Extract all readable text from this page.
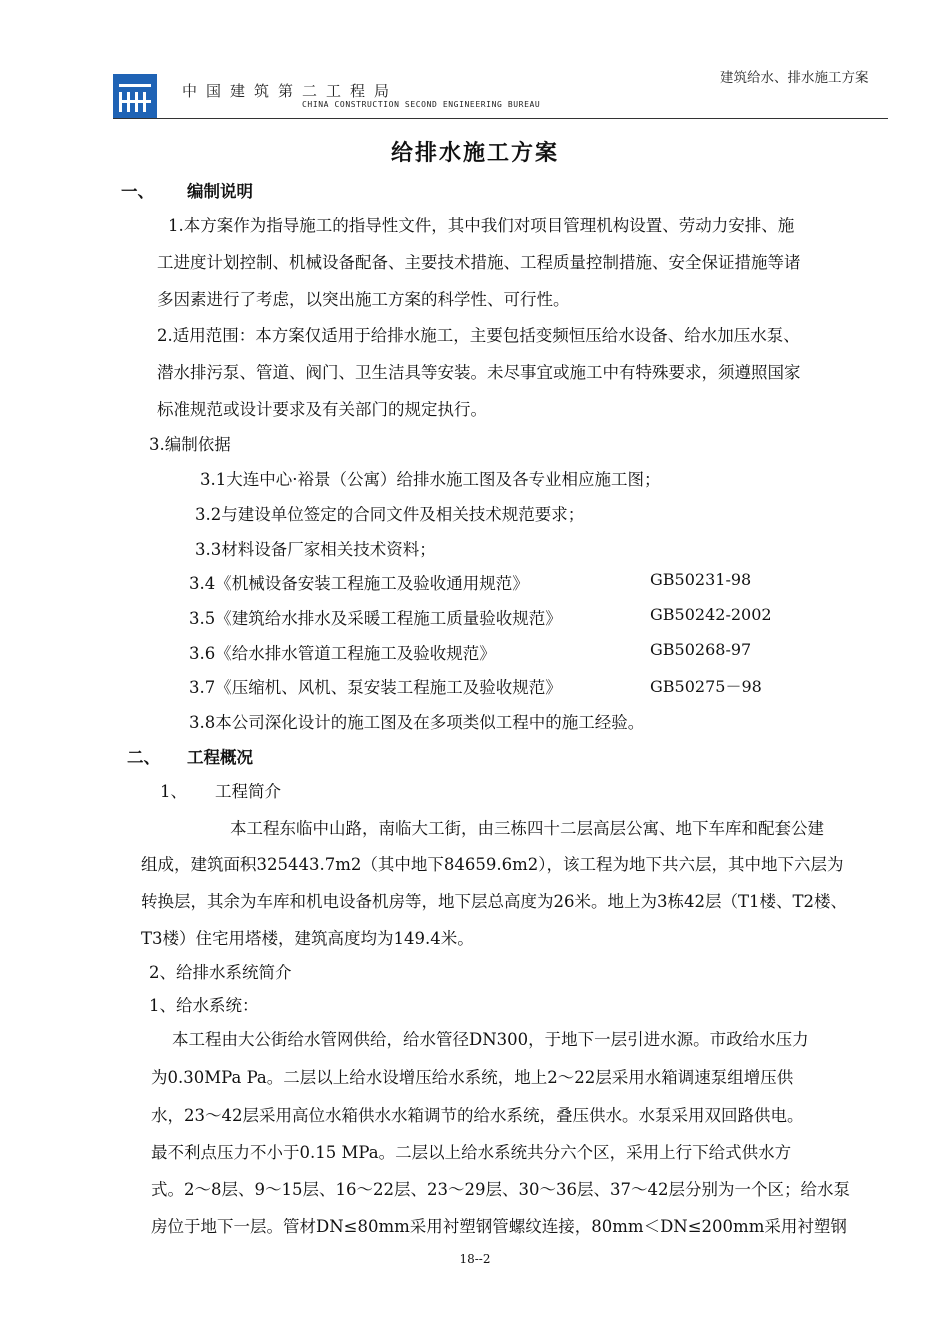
中国建筑第二工程局
CHINA CONSTRUCTION SECOND ENGINEERING BUREAU
建筑给水、排水施工方案
给排水施工方案
一、 编制说明
1.本方案作为指导施工的指导性文件，其中我们对项目管理机构设置、劳动力安排、施
工进度计划控制、机械设备配备、主要技术措施、工程质量控制措施、安全保证措施等诸
多因素进行了考虑，以突出施工方案的科学性、可行性。
2.适用范围：本方案仅适用于给排水施工，主要包括变频恒压给水设备、给水加压水泵、
潜水排污泵、管道、阀门、卫生洁具等安装。未尽事宜或施工中有特殊要求，须遵照国家
标准规范或设计要求及有关部门的规定执行。
3.编制依据
3.1大连中心·裕景（公寓）给排水施工图及各专业相应施工图；
3.2与建设单位签定的合同文件及相关技术规范要求；
3.3材料设备厂家相关技术资料；
3.4《机械设备安装工程施工及验收通用规范》	GB50231-98
3.5《建筑给水排水及采暖工程施工质量验收规范》	GB50242-2002
3.6《给水排水管道工程施工及验收规范》	GB50268-97
3.7《压缩机、风机、泵安装工程施工及验收规范》	GB50275－98
3.8本公司深化设计的施工图及在多项类似工程中的施工经验。
二、 工程概况
1、 工程简介
本工程东临中山路，南临大工街，由三栋四十二层高层公寓、地下车库和配套公建
组成，建筑面积325443.7m2（其中地下84659.6m2），该工程为地下共六层，其中地下六层为
转换层，其余为车库和机电设备机房等，地下层总高度为26米。地上为3栋42层（T1楼、T2楼、
T3楼）住宅用塔楼，建筑高度均为149.4米。
2、给排水系统简介
1、给水系统：
本工程由大公街给水管网供给，给水管径DN300，于地下一层引进水源。市政给水压力
为0.30MPa Pa。二层以上给水设增压给水系统，地上2～22层采用水箱调速泵组增压供
水，23～42层采用高位水箱供水水箱调节的给水系统，叠压供水。水泵采用双回路供电。
最不利点压力不小于0.15 MPa。二层以上给水系统共分六个区，采用上行下给式供水方
式。2～8层、9～15层、16～22层、23～29层、30～36层、37～42层分别为一个区；给水泵
房位于地下一层。管材DN≤80mm采用衬塑钢管螺纹连接，80mm＜DN≤200mm采用衬塑钢
18--2
